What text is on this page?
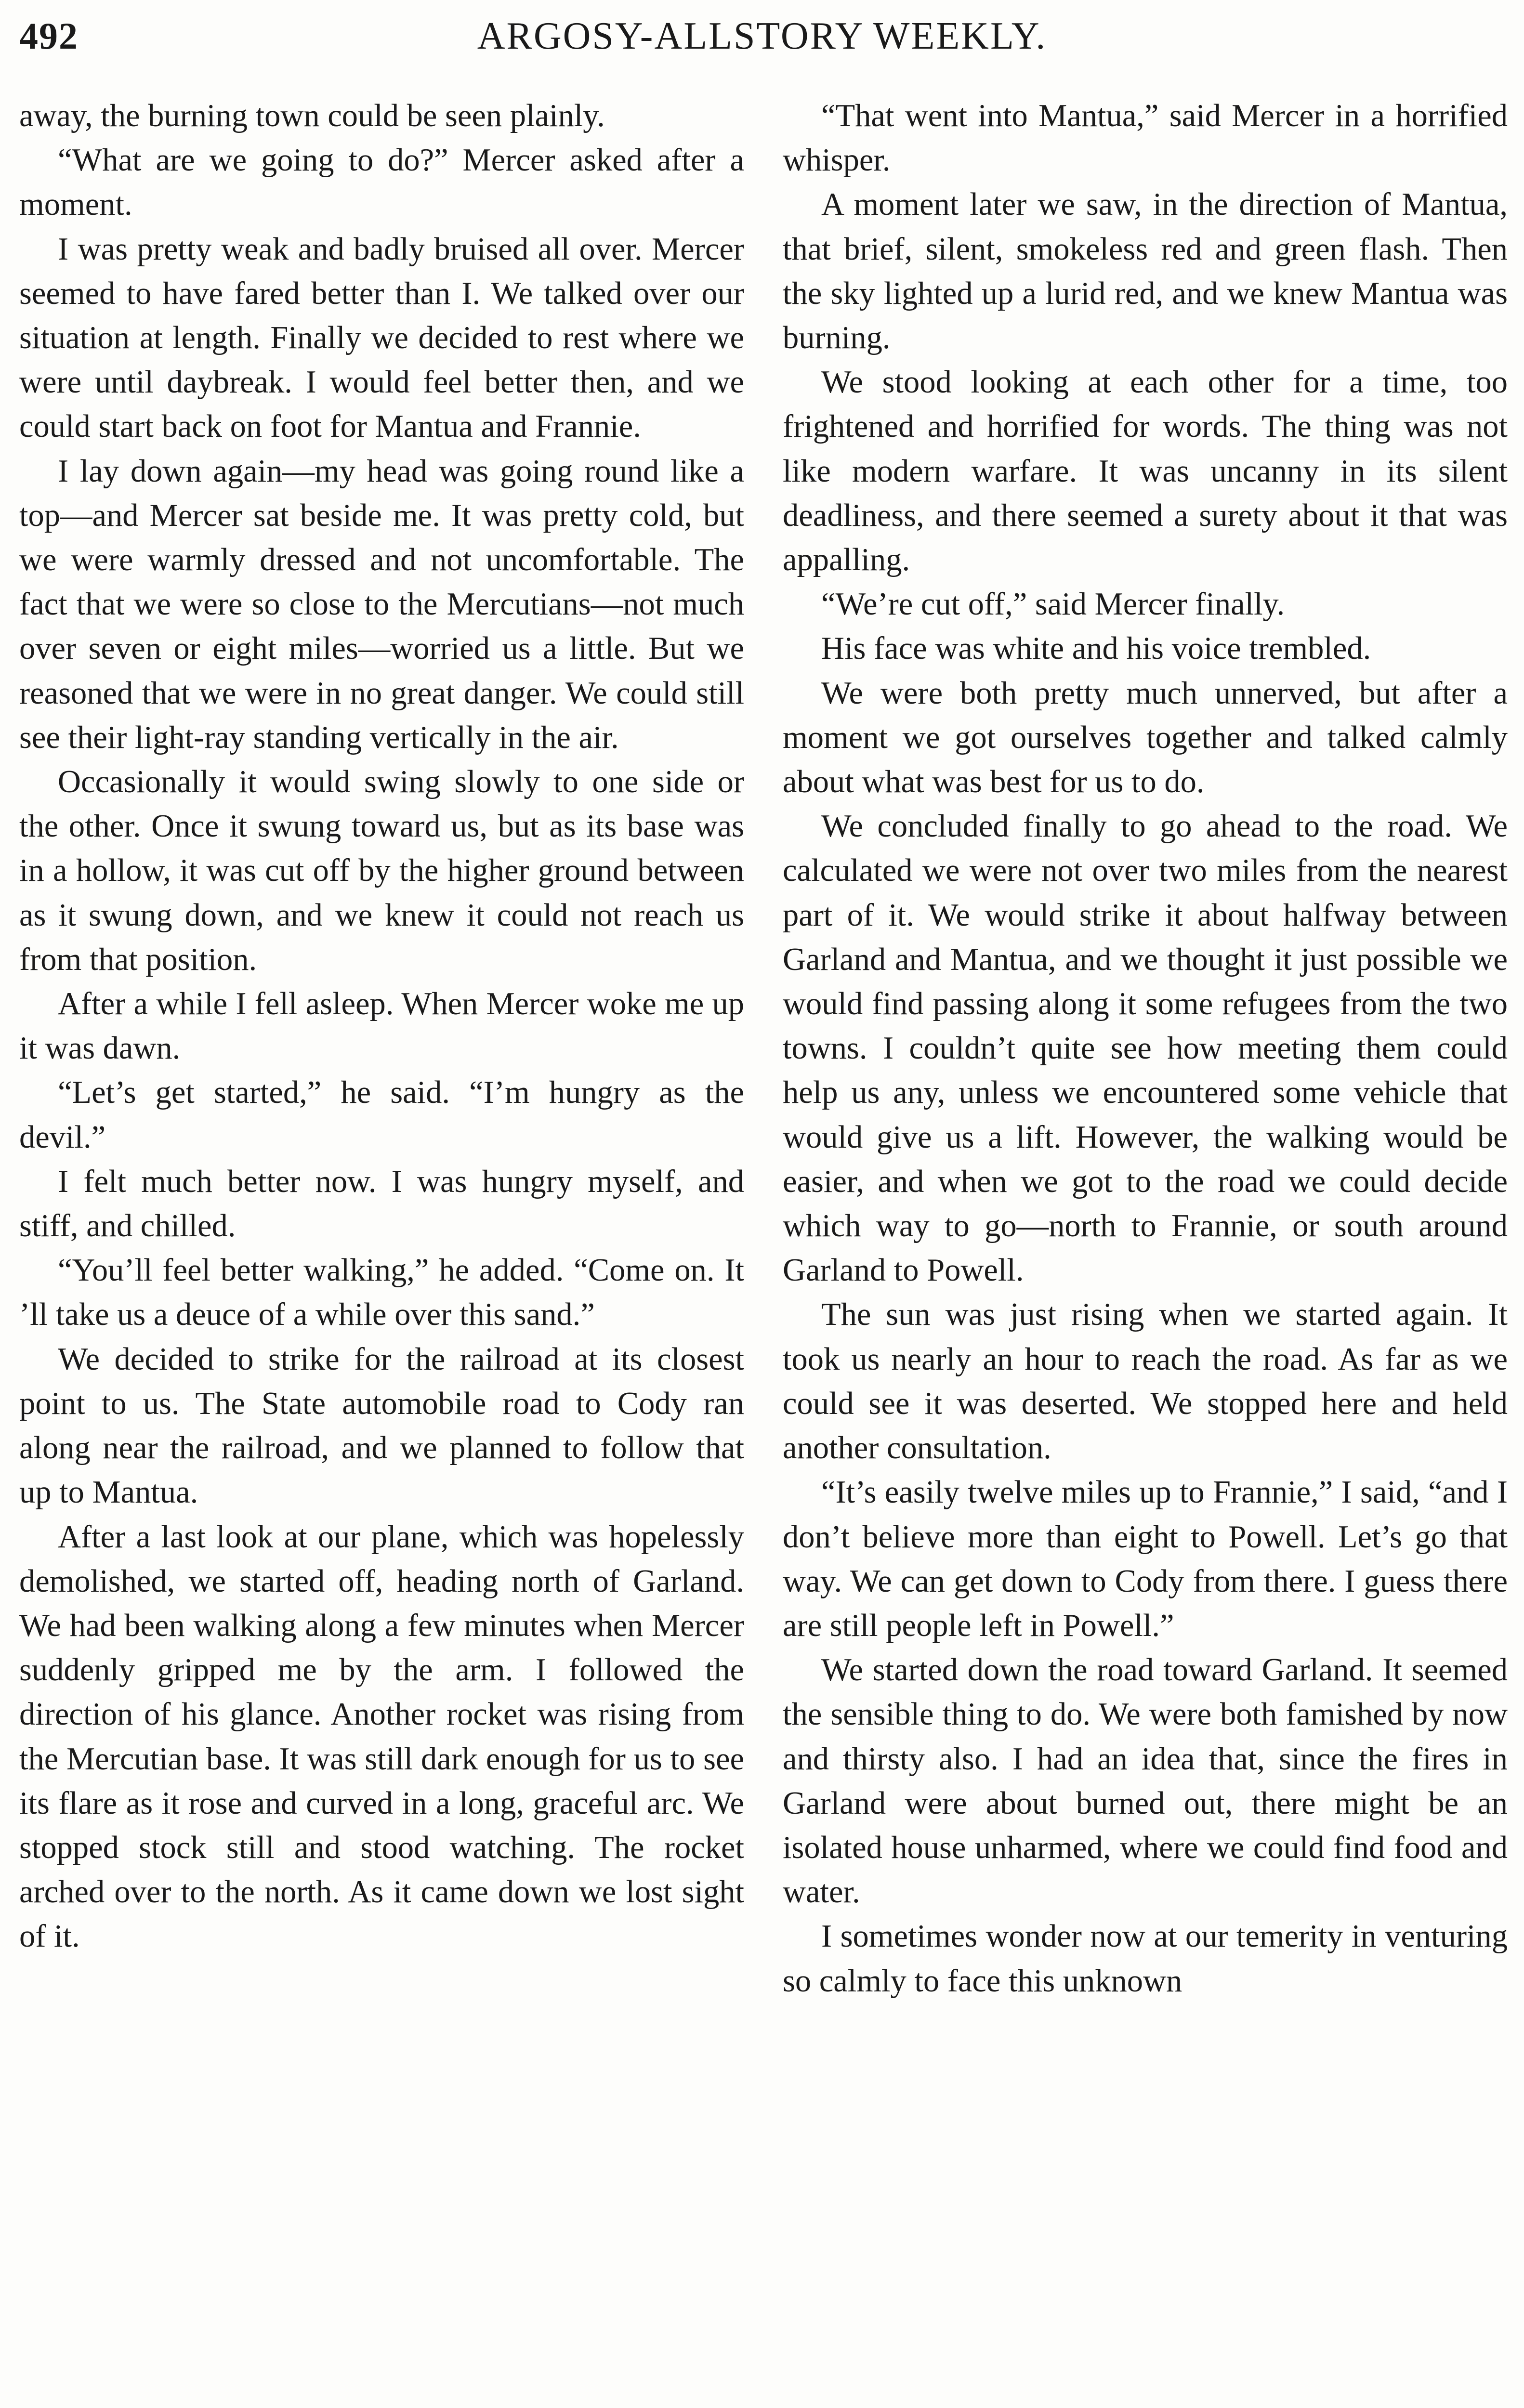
492	ARGOSY-ALLSTORY WEEKLY.

away, the burning town could be seen plainly.

“What are we going to do?” Mercer asked after a moment.

I was pretty weak and badly bruised all over. Mercer seemed to have fared better than I. We talked over our situation at length. Finally we decided to rest where we were until daybreak. I would feel better then, and we could start back on foot for Mantua and Frannie.

I lay down again—my head was going round like a top—and Mercer sat beside me. It was pretty cold, but we were warmly dressed and not uncomfortable. The fact that we were so close to the Mercutians—not much over seven or eight miles—worried us a little. But we reasoned that we were in no great danger. We could still see their light-ray standing vertically in the air.

Occasionally it would swing slowly to one side or the other. Once it swung toward us, but as its base was in a hollow, it was cut off by the higher ground between as it swung down, and we knew it could not reach us from that position.

After a while I fell asleep. When Mercer woke me up it was dawn.

“Let’s get started,” he said. “I’m hungry as the devil.”

I felt much better now. I was hungry myself, and stiff, and chilled.

“You’ll feel better walking,” he added. “Come on. It ’ll take us a deuce of a while over this sand.”

We decided to strike for the railroad at its closest point to us. The State automobile road to Cody ran along near the railroad, and we planned to follow that up to Mantua.

After a last look at our plane, which was hopelessly demolished, we started off, heading north of Garland. We had been walking along a few minutes when Mercer suddenly gripped me by the arm. I followed the direction of his glance. Another rocket was rising from the Mercutian base. It was still dark enough for us to see its flare as it rose and curved in a long, graceful arc. We stopped stock still and stood watching. The rocket arched over to the north. As it came down we lost sight of it.

“That went into Mantua,” said Mercer in a horrified whisper.

A moment later we saw, in the direction of Mantua, that brief, silent, smokeless red and green flash. Then the sky lighted up a lurid red, and we knew Mantua was burning.

We stood looking at each other for a time, too frightened and horrified for words. The thing was not like modern warfare. It was uncanny in its silent deadliness, and there seemed a surety about it that was appalling.

“We’re cut off,” said Mercer finally.

His face was white and his voice trembled.

We were both pretty much unnerved, but after a moment we got ourselves together and talked calmly about what was best for us to do.

We concluded finally to go ahead to the road. We calculated we were not over two miles from the nearest part of it. We would strike it about halfway between Garland and Mantua, and we thought it just possible we would find passing along it some refugees from the two towns. I couldn’t quite see how meeting them could help us any, unless we encountered some vehicle that would give us a lift. However, the walking would be easier, and when we got to the road we could decide which way to go—north to Frannie, or south around Garland to Powell.

The sun was just rising when we started again. It took us nearly an hour to reach the road. As far as we could see it was deserted. We stopped here and held another consultation.

“It’s easily twelve miles up to Frannie,” I said, “and I don’t believe more than eight to Powell. Let’s go that way. We can get down to Cody from there. I guess there are still people left in Powell.”

We started down the road toward Garland. It seemed the sensible thing to do. We were both famished by now and thirsty also. I had an idea that, since the fires in Garland were about burned out, there might be an isolated house unharmed, where we could find food and water.

I sometimes wonder now at our temerity in venturing so calmly to face this unknown
